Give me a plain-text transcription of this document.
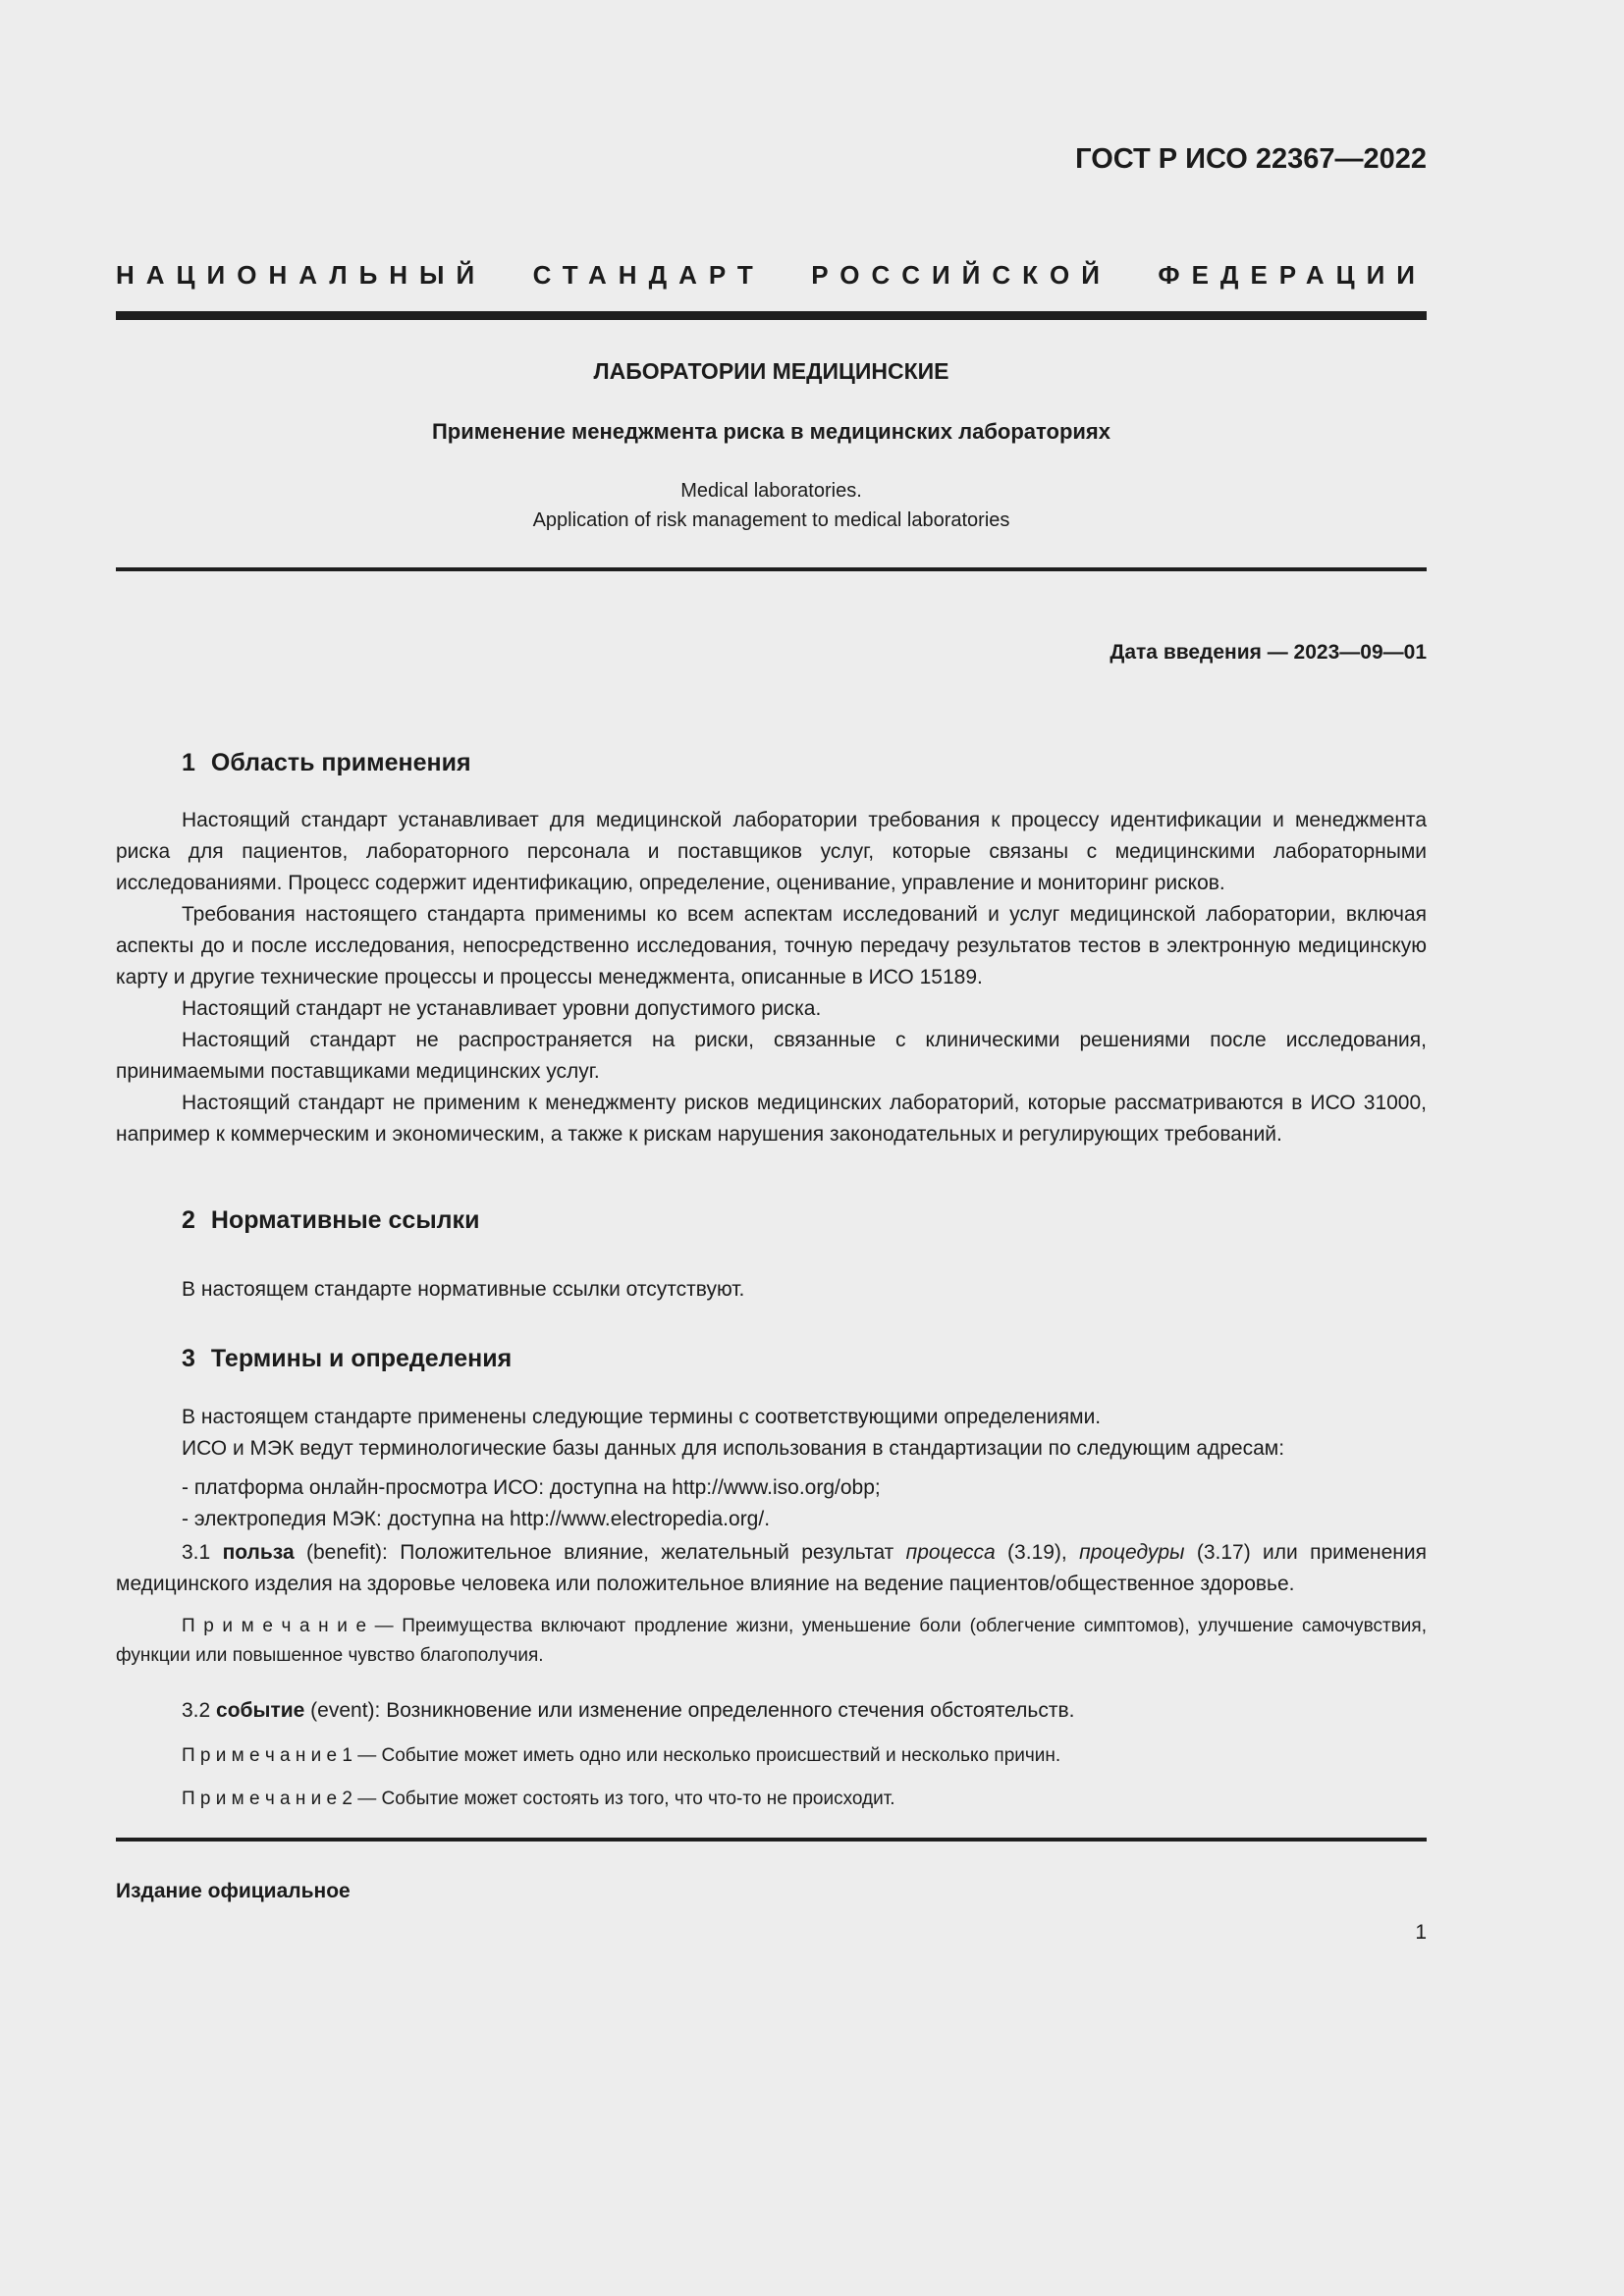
ГОСТ Р ИСО 22367—2022
НАЦИОНАЛЬНЫЙ СТАНДАРТ РОССИЙСКОЙ ФЕДЕРАЦИИ
ЛАБОРАТОРИИ МЕДИЦИНСКИЕ
Применение менеджмента риска в медицинских лабораториях
Medical laboratories.
Application of risk management to medical laboratories
Дата введения — 2023—09—01
1 Область применения

Настоящий стандарт устанавливает для медицинской лаборатории требования к процессу идентификации и менеджмента риска для пациентов, лабораторного персонала и поставщиков услуг, которые связаны с медицинскими лабораторными исследованиями. Процесс содержит идентификацию, определение, оценивание, управление и мониторинг рисков.

Требования настоящего стандарта применимы ко всем аспектам исследований и услуг медицинской лаборатории, включая аспекты до и после исследования, непосредственно исследования, точную передачу результатов тестов в электронную медицинскую карту и другие технические процессы и процессы менеджмента, описанные в ИСО 15189.

Настоящий стандарт не устанавливает уровни допустимого риска.

Настоящий стандарт не распространяется на риски, связанные с клиническими решениями после исследования, принимаемыми поставщиками медицинских услуг.

Настоящий стандарт не применим к менеджменту рисков медицинских лабораторий, которые рассматриваются в ИСО 31000, например к коммерческим и экономическим, а также к рискам нарушения законодательных и регулирующих требований.

2 Нормативные ссылки

В настоящем стандарте нормативные ссылки отсутствуют.

3 Термины и определения

В настоящем стандарте применены следующие термины с соответствующими определениями.

ИСО и МЭК ведут терминологические базы данных для использования в стандартизации по следующим адресам:

- платформа онлайн-просмотра ИСО: доступна на http://www.iso.org/obp;

- электропедия МЭК: доступна на http://www.electropedia.org/.

3.1 польза (benefit): Положительное влияние, желательный результат процесса (3.19), процедуры (3.17) или применения медицинского изделия на здоровье человека или положительное влияние на ведение пациентов/общественное здоровье.

П р и м е ч а н и е — Преимущества включают продление жизни, уменьшение боли (облегчение симптомов), улучшение самочувствия, функции или повышенное чувство благополучия.

3.2 событие (event): Возникновение или изменение определенного стечения обстоятельств.

П р и м е ч а н и е 1 — Событие может иметь одно или несколько происшествий и несколько причин.

П р и м е ч а н и е 2 — Событие может состоять из того, что что-то не происходит.

Издание официальное
1
